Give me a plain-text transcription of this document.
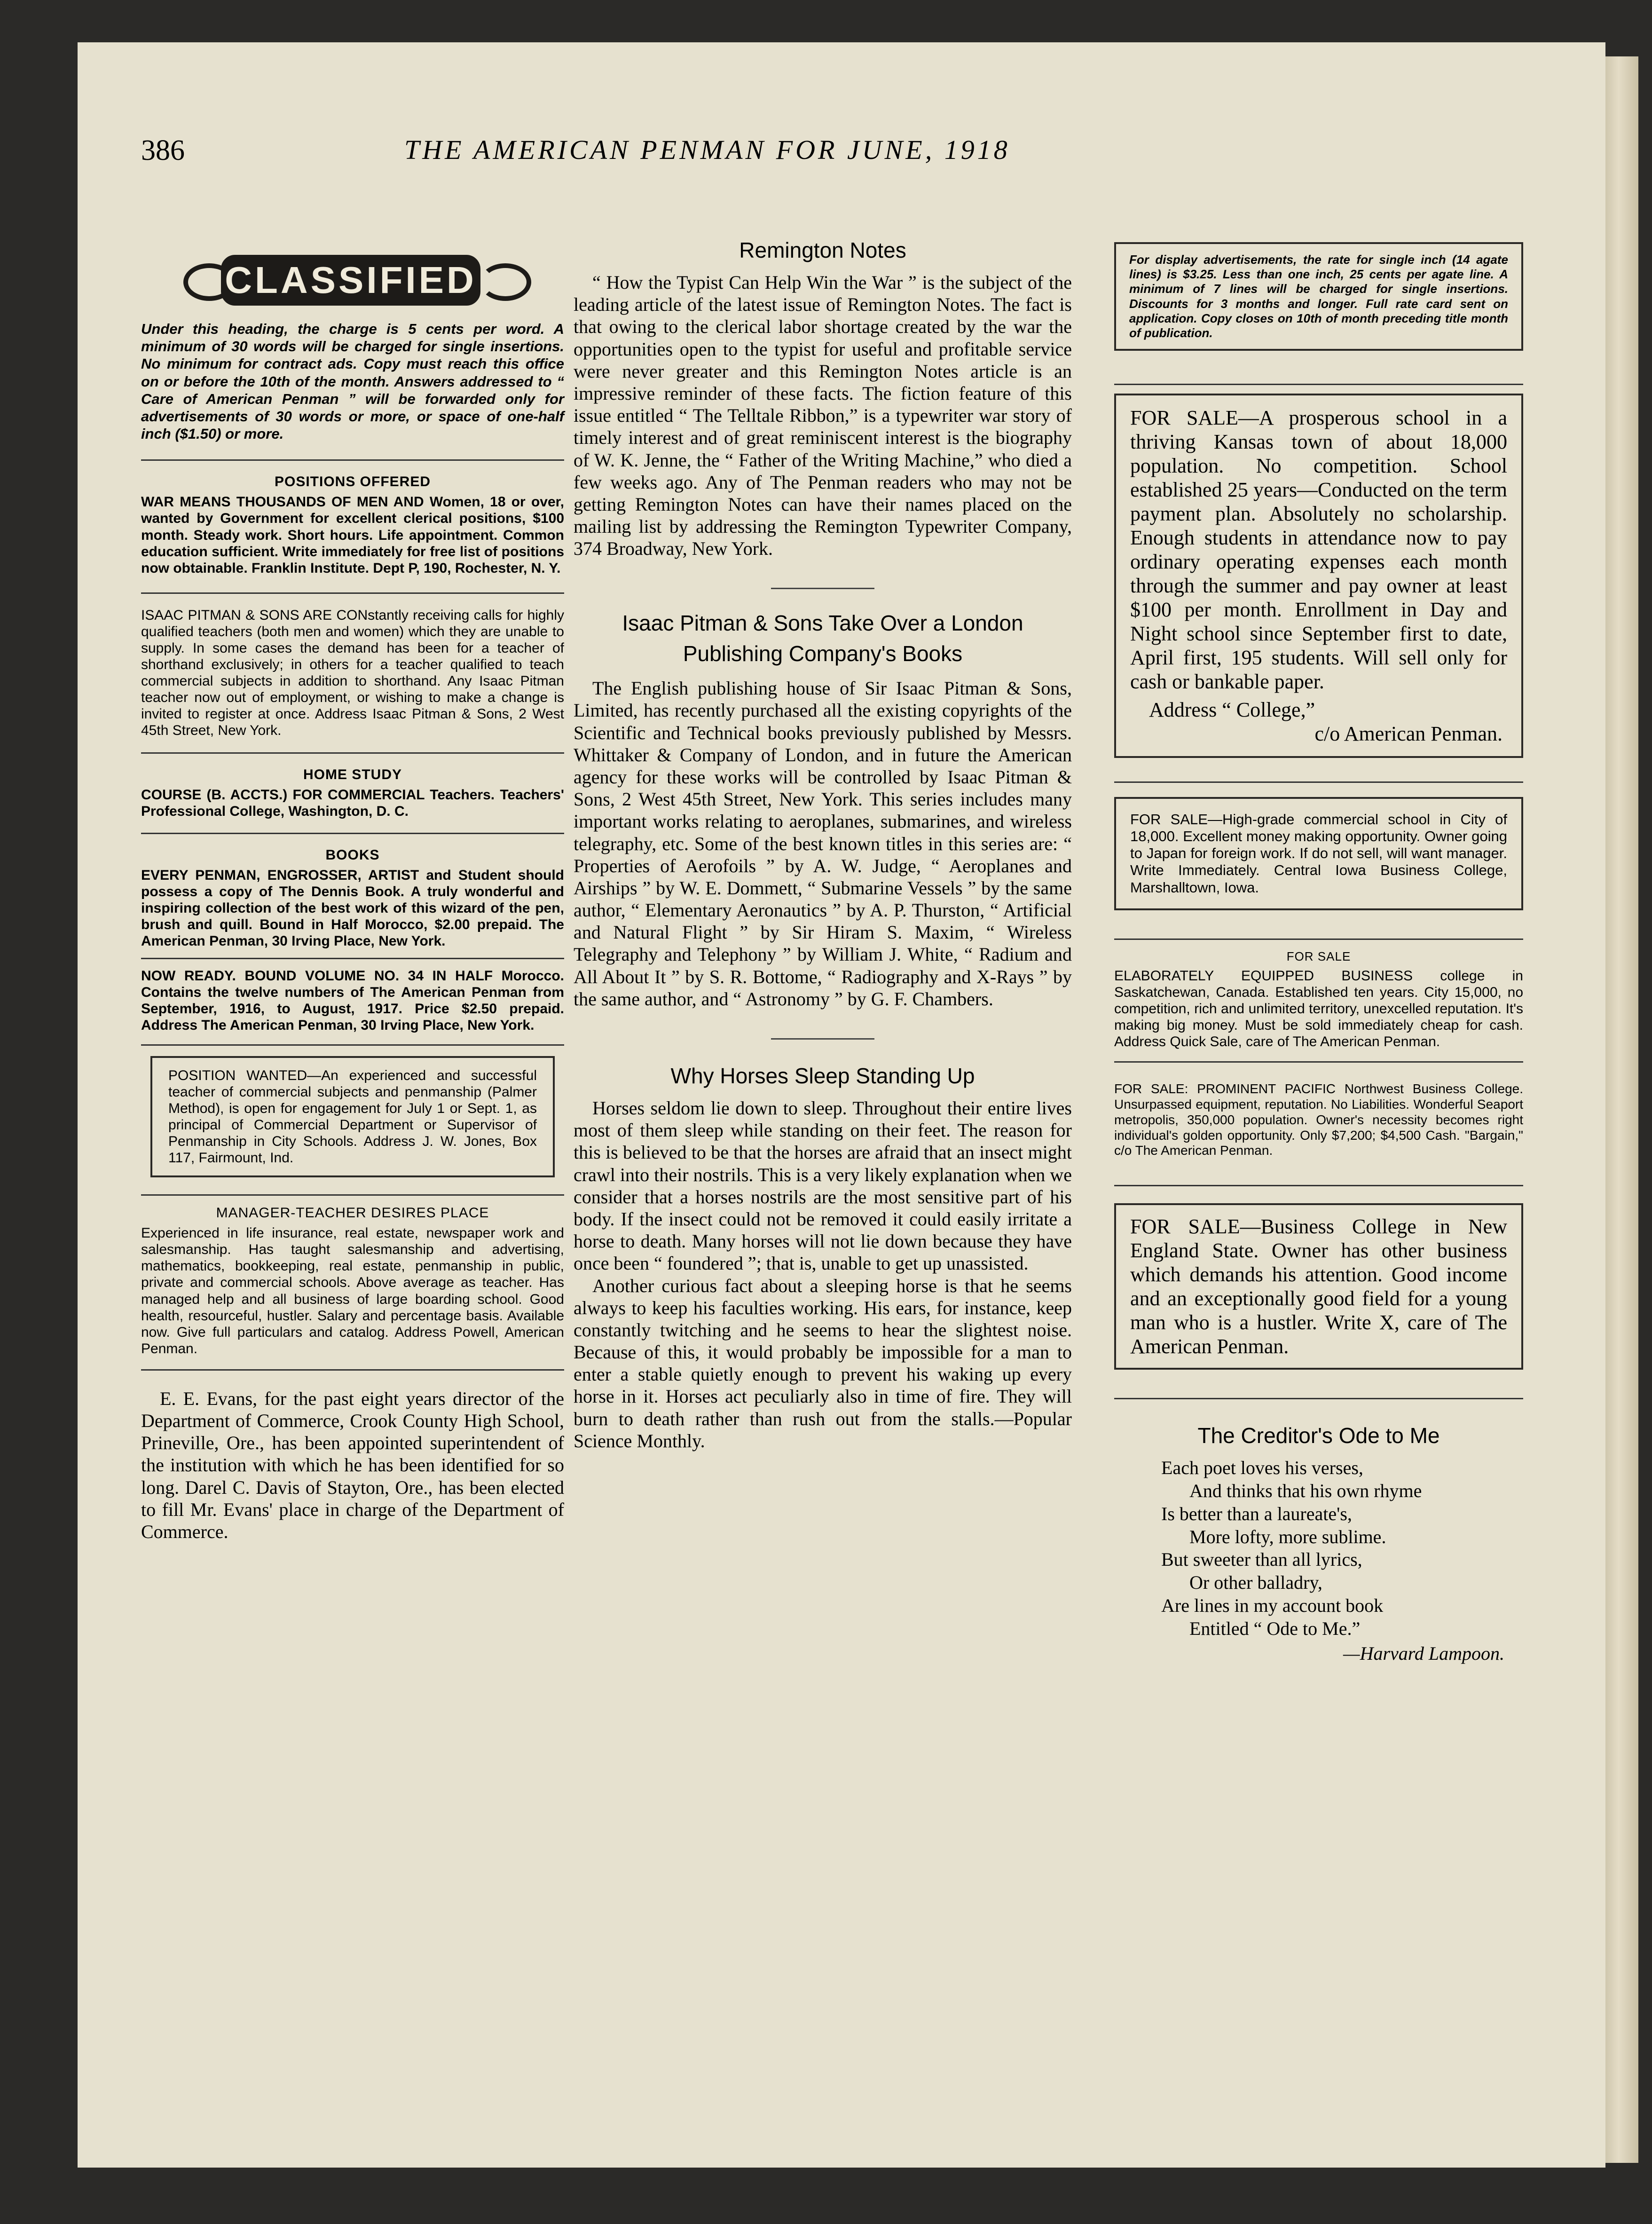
386	THE AMERICAN PENMAN FOR JUNE, 1918
CLASSIFIED

Under this heading, the charge is 5 cents per word. A minimum of 30 words will be charged for single insertions. No minimum for contract ads. Copy must reach this office on or before the 10th of the month. Answers addressed to “ Care of American Penman ” will be forwarded only for advertisements of 30 words or more, or space of one-half inch ($1.50) or more.

POSITIONS OFFERED

WAR MEANS THOUSANDS OF MEN AND Women, 18 or over, wanted by Government for excellent clerical positions, $100 month. Steady work. Short hours. Life appointment. Common education sufficient. Write immediately for free list of positions now obtainable. Franklin Institute. Dept P, 190, Rochester, N. Y.

ISAAC PITMAN & SONS ARE CONstantly receiving calls for highly qualified teachers (both men and women) which they are unable to supply. In some cases the demand has been for a teacher of shorthand exclusively; in others for a teacher qualified to teach commercial subjects in addition to shorthand. Any Isaac Pitman teacher now out of employment, or wishing to make a change is invited to register at once. Address Isaac Pitman & Sons, 2 West 45th Street, New York.

HOME STUDY

COURSE (B. ACCTS.) FOR COMMERCIAL Teachers. Teachers' Professional College, Washington, D. C.

BOOKS

EVERY PENMAN, ENGROSSER, ARTIST and Student should possess a copy of The Dennis Book. A truly wonderful and inspiring collection of the best work of this wizard of the pen, brush and quill. Bound in Half Morocco, $2.00 prepaid. The American Penman, 30 Irving Place, New York.

NOW READY. BOUND VOLUME NO. 34 IN HALF Morocco. Contains the twelve numbers of The American Penman from September, 1916, to August, 1917. Price $2.50 prepaid. Address The American Penman, 30 Irving Place, New York.

POSITION WANTED—An experienced and successful teacher of commercial subjects and penmanship (Palmer Method), is open for engagement for July 1 or Sept. 1, as principal of Commercial Department or Supervisor of Penmanship in City Schools. Address J. W. Jones, Box 117, Fairmount, Ind.

MANAGER-TEACHER DESIRES PLACE

Experienced in life insurance, real estate, newspaper work and salesmanship. Has taught salesmanship and advertising, mathematics, bookkeeping, real estate, penmanship in public, private and commercial schools. Above average as teacher. Has managed help and all business of large boarding school. Good health, resourceful, hustler. Salary and percentage basis. Available now. Give full particulars and catalog. Address Powell, American Penman.

E. E. Evans, for the past eight years director of the Department of Commerce, Crook County High School, Prineville, Ore., has been appointed superintendent of the institution with which he has been identified for so long. Darel C. Davis of Stayton, Ore., has been elected to fill Mr. Evans' place in charge of the Department of Commerce.

Remington Notes

“ How the Typist Can Help Win the War ” is the subject of the leading article of the latest issue of Remington Notes. The fact is that owing to the clerical labor shortage created by the war the opportunities open to the typist for useful and profitable service were never greater and this Remington Notes article is an impressive reminder of these facts. The fiction feature of this issue entitled “ The Telltale Ribbon,” is a typewriter war story of timely interest and of great reminiscent interest is the biography of W. K. Jenne, the “ Father of the Writing Machine,” who died a few weeks ago. Any of The Penman readers who may not be getting Remington Notes can have their names placed on the mailing list by addressing the Remington Typewriter Company, 374 Broadway, New York.

Isaac Pitman & Sons Take Over a London Publishing Company's Books

The English publishing house of Sir Isaac Pitman & Sons, Limited, has recently purchased all the existing copyrights of the Scientific and Technical books previously published by Messrs. Whittaker & Company of London, and in future the American agency for these works will be controlled by Isaac Pitman & Sons, 2 West 45th Street, New York. This series includes many important works relating to aeroplanes, submarines, and wireless telegraphy, etc. Some of the best known titles in this series are: “ Properties of Aerofoils ” by A. W. Judge, “ Aeroplanes and Airships ” by W. E. Dommett, “ Submarine Vessels ” by the same author, “ Elementary Aeronautics ” by A. P. Thurston, “ Artificial and Natural Flight ” by Sir Hiram S. Maxim, “ Wireless Telegraphy and Telephony ” by William J. White, “ Radium and All About It ” by S. R. Bottome, “ Radiography and X-Rays ” by the same author, and “ Astronomy ” by G. F. Chambers.

Why Horses Sleep Standing Up

Horses seldom lie down to sleep. Throughout their entire lives most of them sleep while standing on their feet. The reason for this is believed to be that the horses are afraid that an insect might crawl into their nostrils. This is a very likely explanation when we consider that a horses nostrils are the most sensitive part of his body. If the insect could not be removed it could easily irritate a horse to death. Many horses will not lie down because they have once been “ foundered ”; that is, unable to get up unassisted.

Another curious fact about a sleeping horse is that he seems always to keep his faculties working. His ears, for instance, keep constantly twitching and he seems to hear the slightest noise. Because of this, it would probably be impossible for a man to enter a stable quietly enough to prevent his waking up every horse in it. Horses act peculiarly also in time of fire. They will burn to death rather than rush out from the stalls.—Popular Science Monthly.

For display advertisements, the rate for single inch (14 agate lines) is $3.25. Less than one inch, 25 cents per agate line. A minimum of 7 lines will be charged for single insertions. Discounts for 3 months and longer. Full rate card sent on application. Copy closes on 10th of month preceding title month of publication.

FOR SALE—A prosperous school in a thriving Kansas town of about 18,000 population. No competition. School established 25 years—Conducted on the term payment plan. Absolutely no scholarship. Enough students in attendance now to pay ordinary operating expenses each month through the summer and pay owner at least $100 per month. Enrollment in Day and Night school since September first to date, April first, 195 students. Will sell only for cash or bankable paper.

Address “ College,”

c/o American Penman.

FOR SALE—High-grade commercial school in City of 18,000. Excellent money making opportunity. Owner going to Japan for foreign work. If do not sell, will want manager. Write Immediately. Central Iowa Business College, Marshalltown, Iowa.

FOR SALE

ELABORATELY EQUIPPED BUSINESS college in Saskatchewan, Canada. Established ten years. City 15,000, no competition, rich and unlimited territory, unexcelled reputation. It's making big money. Must be sold immediately cheap for cash. Address Quick Sale, care of The American Penman.

FOR SALE: PROMINENT PACIFIC Northwest Business College. Unsurpassed equipment, reputation. No Liabilities. Wonderful Seaport metropolis, 350,000 population. Owner's necessity becomes right individual's golden opportunity. Only $7,200; $4,500 Cash. "Bargain," c/o The American Penman.

FOR SALE—Business College in New England State. Owner has other business which demands his attention. Good income and an exceptionally good field for a young man who is a hustler. Write X, care of The American Penman.

The Creditor's Ode to Me
Each poet loves his verses,
And thinks that his own rhyme
Is better than a laureate's,
More lofty, more sublime.
But sweeter than all lyrics,
Or other balladry,
Are lines in my account book
Entitled “ Ode to Me.”

—Harvard Lampoon.
